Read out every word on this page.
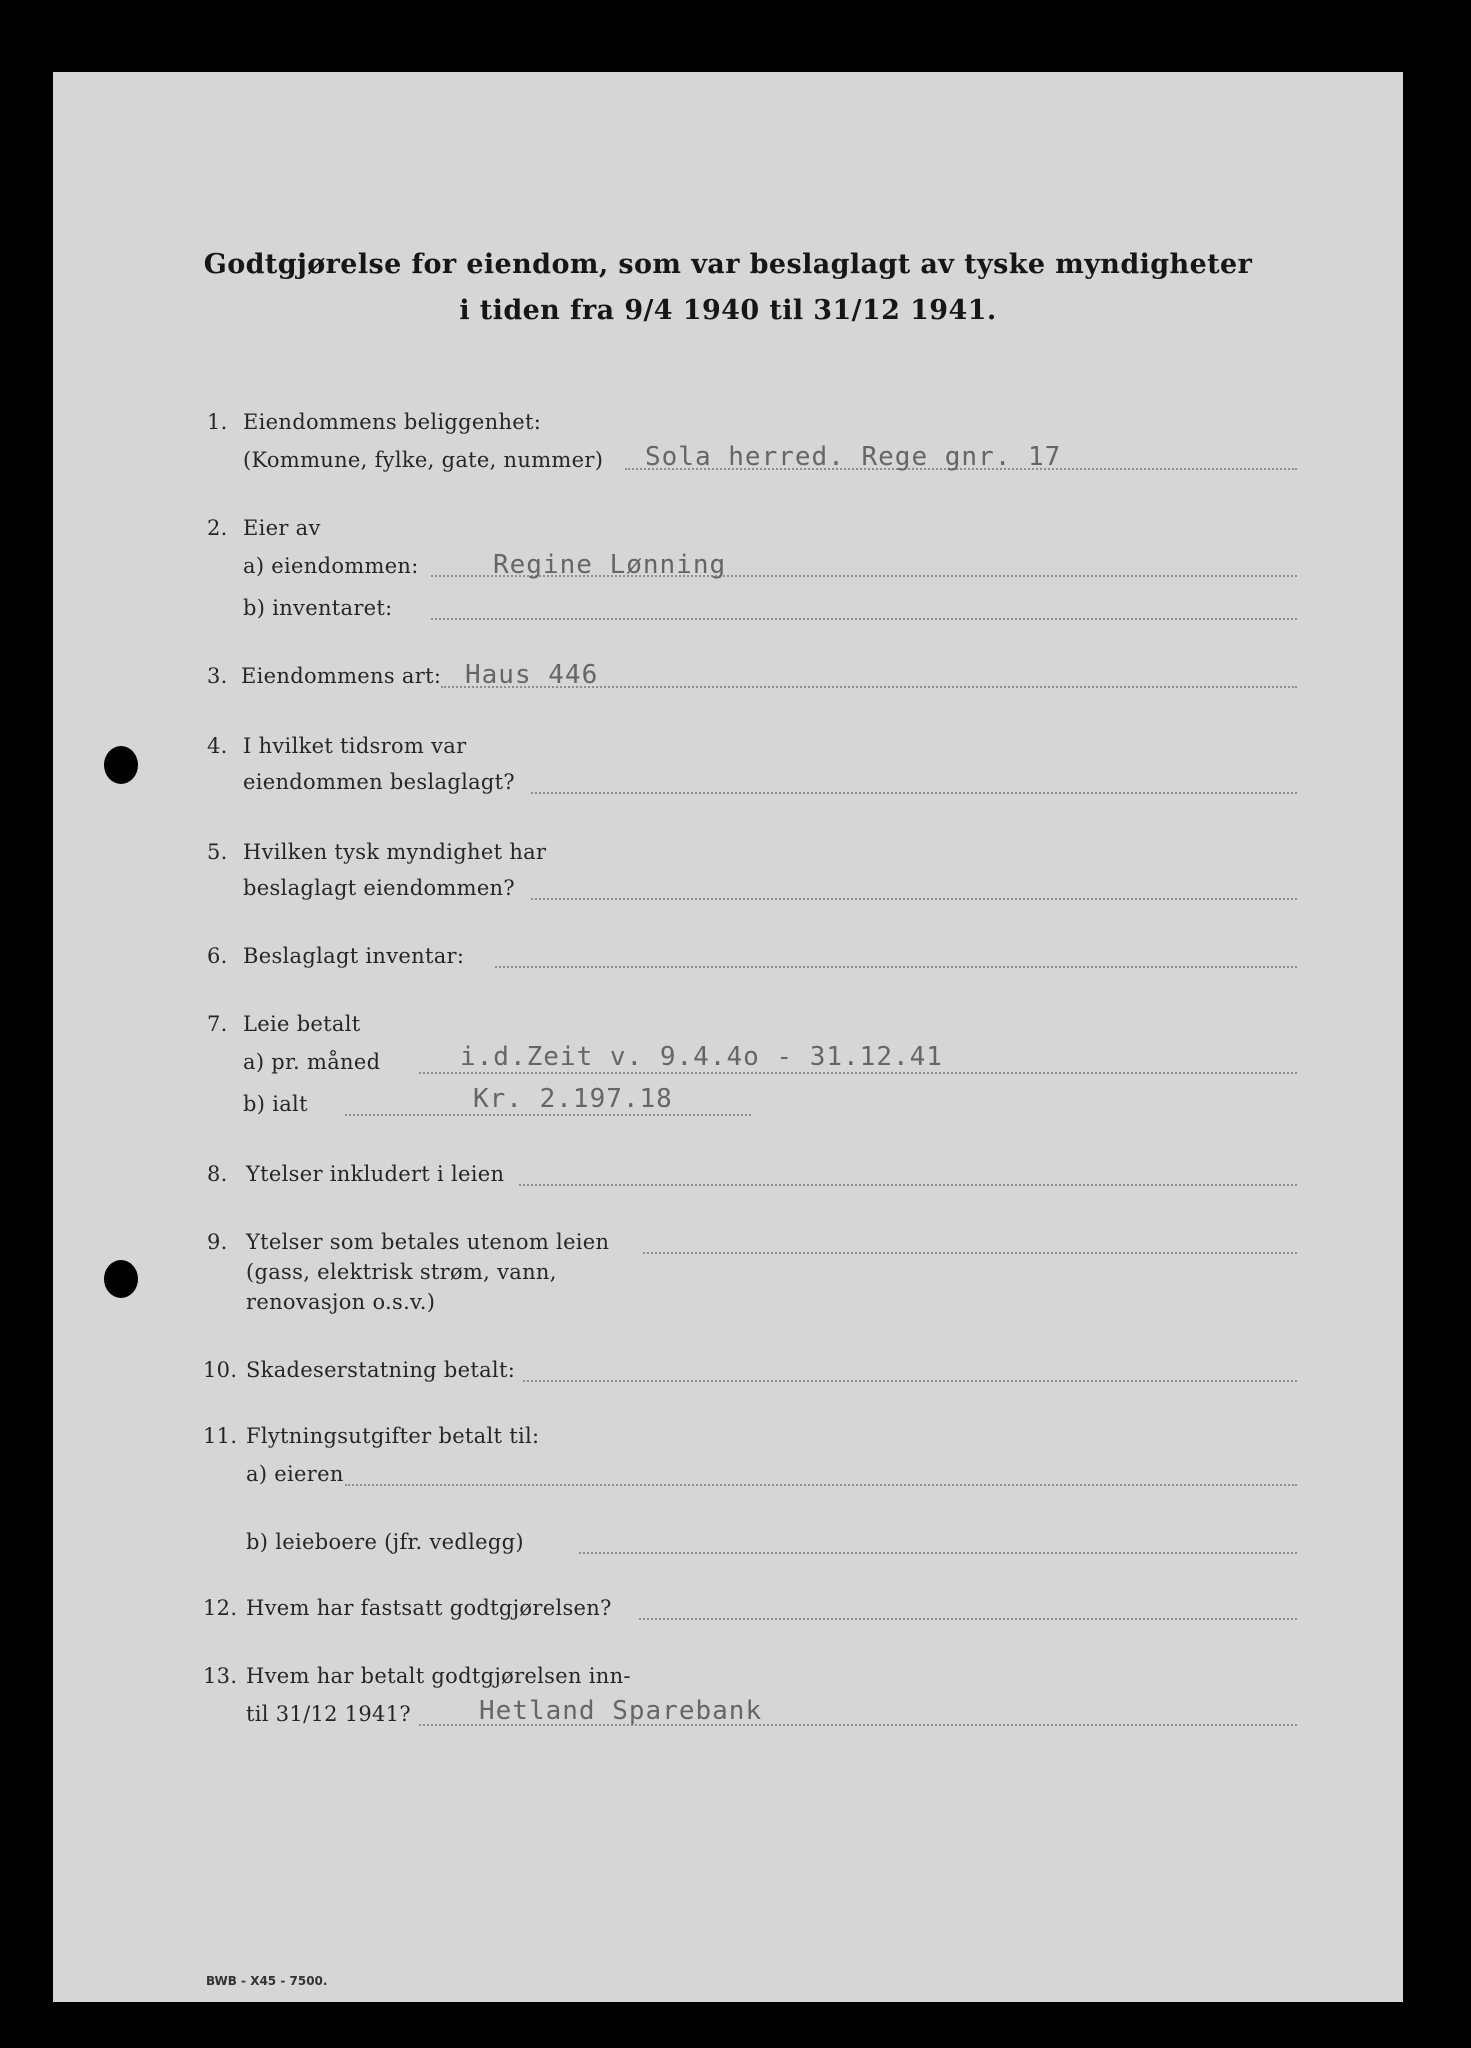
Godtgjørelse for eiendom, som var beslaglagt av tyske myndigheter
i tiden fra 9/4 1940 til 31/12 1941.
1. Eiendommens beliggenhet:
(Kommune, fylke, gate, nummer) Sola herred. Rege gnr. 17
2. Eier av
a) eiendommen:	Regine Lønning
b) inventaret:
3. Eiendommens art: Haus 446
4. I hvilket tidsrom var
eiendommen beslaglagt?
5. Hvilken tysk myndighet har
beslaglagt eiendommen?
6. Beslaglagt inventar:
7. Leie betalt
a) pr. måned	i.d.Zeit v. 9.4.4o - 31.12.41
b) ialt	Kr. 2.197.18
8. Ytelser inkludert i leien
9. Ytelser som betales utenom leien
(gass, elektrisk strøm, vann,
renovasjon o.s.v.)
10. Skadeserstatning betalt:
11. Flytningsutgifter betalt til:
a) eieren
b) leieboere (jfr. vedlegg)
12. Hvem har fastsatt godtgjørelsen?
13. Hvem har betalt godtgjørelsen inn-
til 31/12 1941?	Hetland Sparebank
BWB - X45 - 7500.
